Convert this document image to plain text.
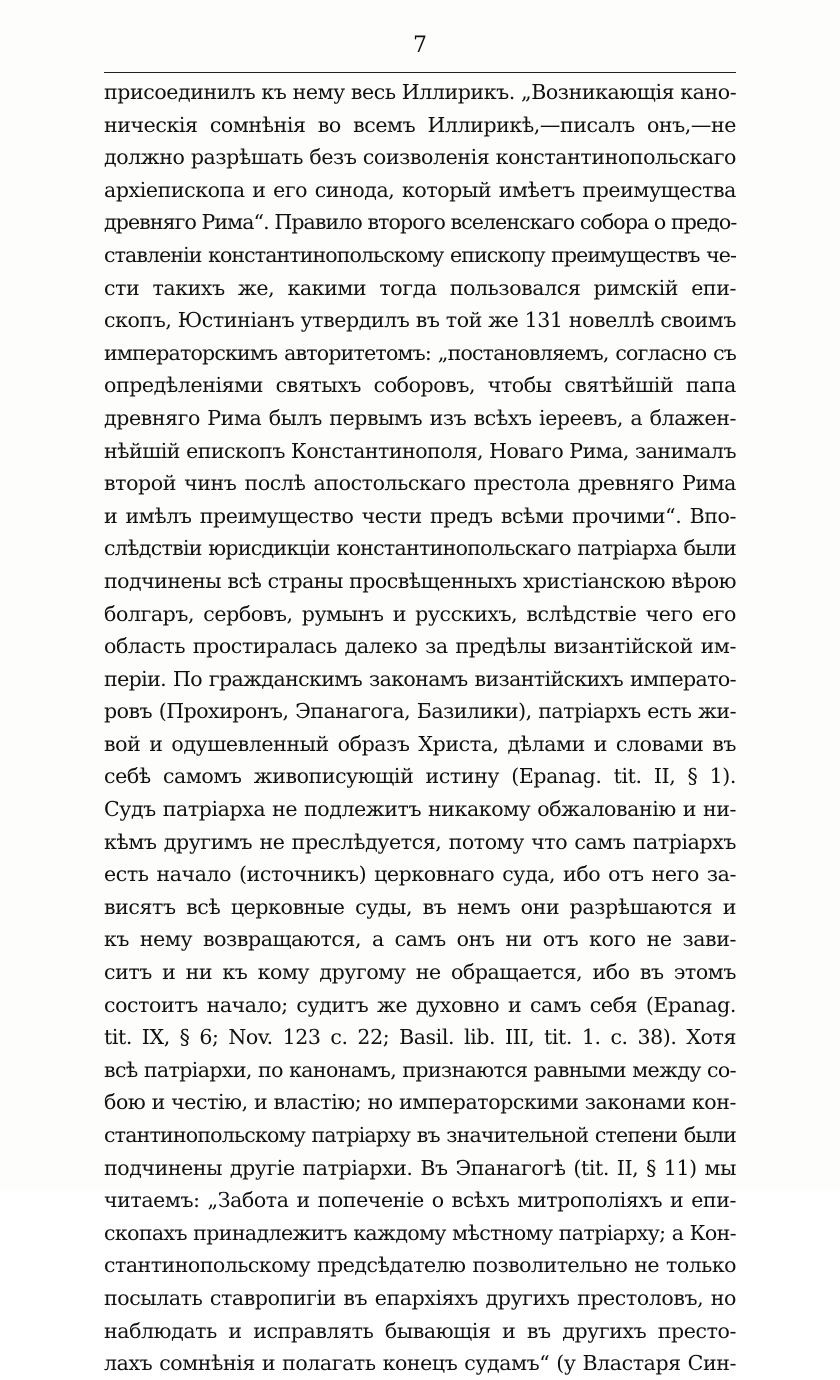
7
присоединилъ къ нему весь Иллирикъ. „Возникающія кано-
ническія сомнѣнія во всемъ Иллирикѣ,—писалъ онъ,—не
должно разрѣшать безъ соизволенія константинопольскаго
архіепископа и его синода, который имѣетъ преимущества
древняго Рима“. Правило второго вселенскаго собора о предо-
ставленіи константинопольскому епископу преимуществъ че-
сти такихъ же, какими тогда пользовался римскій епи-
скопъ, Юстиніанъ утвердилъ въ той же 131 новеллѣ своимъ
императорскимъ авторитетомъ: „постановляемъ, согласно съ
опредѣленіями святыхъ соборовъ, чтобы святѣйшій папа
древняго Рима былъ первымъ изъ всѣхъ іереевъ, а блажен-
нѣйшій епископъ Константинополя, Новаго Рима, занималъ
второй чинъ послѣ апостольскаго престола древняго Рима
и имѣлъ преимущество чести предъ всѣми прочими“. Впо-
слѣдствіи юрисдикціи константинопольскаго патріарха были
подчинены всѣ страны просвѣщенныхъ христіанскою вѣрою
болгаръ, сербовъ, румынъ и русскихъ, вслѣдствіе чего его
область простиралась далеко за предѣлы византійской им-
періи. По гражданскимъ законамъ византійскихъ императо-
ровъ (Прохиронъ, Эпанагога, Базилики), патріархъ есть жи-
вой и одушевленный образъ Христа, дѣлами и словами въ
себѣ самомъ живописующій истину (Epanag. tit. II, § 1).
Судъ патріарха не подлежитъ никакому обжалованію и ни-
кѣмъ другимъ не преслѣдуется, потому что самъ патріархъ
есть начало (источникъ) церковнаго суда, ибо отъ него за-
висятъ всѣ церковные суды, въ немъ они разрѣшаются и
къ нему возвращаются, а самъ онъ ни отъ кого не зави-
ситъ и ни къ кому другому не обращается, ибо въ этомъ
состоитъ начало; судитъ же духовно и самъ себя (Epanag.
tit. IX, § 6; Nov. 123 c. 22; Basil. lib. III, tit. 1. c. 38). Хотя
всѣ патріархи, по канонамъ, признаются равными между со-
бою и честію, и властію; но императорскими законами кон-
стантинопольскому патріарху въ значительной степени были
подчинены другіе патріархи. Въ Эпанагогѣ (tit. II, § 11) мы
читаемъ: „Забота и попеченіе о всѣхъ митрополіяхъ и епи-
скопахъ принадлежитъ каждому мѣстному патріарху; а Кон-
стантинопольскому предсѣдателю позволительно не только
посылать ставропигіи въ епархіяхъ другихъ престоловъ, но
наблюдать и исправлять бывающія и въ другихъ престо-
лахъ сомнѣнія и полагать конецъ судамъ“ (у Властаря Син-
